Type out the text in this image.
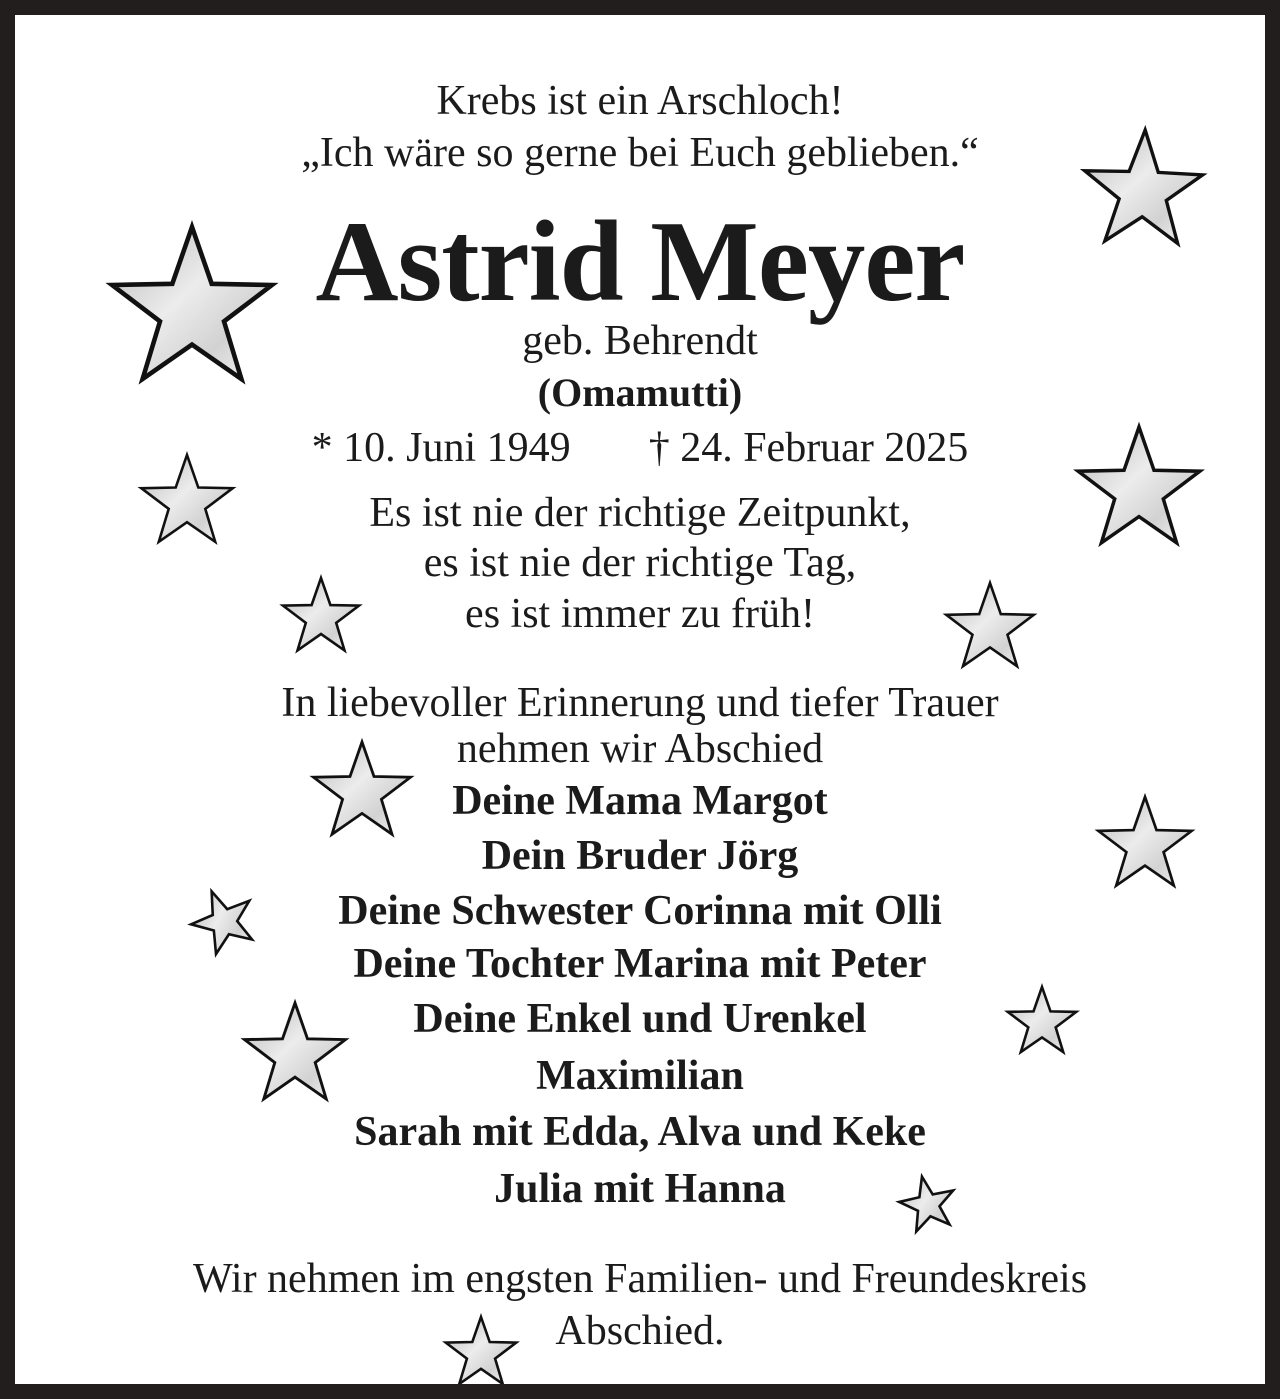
Krebs ist ein Arschloch!
„Ich wäre so gerne bei Euch geblieben.“
Astrid Meyer
geb. Behrendt
(Omamutti)
* 10. Juni 1949 † 24. Februar 2025
Es ist nie der richtige Zeitpunkt,
es ist nie der richtige Tag,
es ist immer zu früh!
In liebevoller Erinnerung und tiefer Trauer
nehmen wir Abschied
Deine Mama Margot
Dein Bruder Jörg
Deine Schwester Corinna mit Olli
Deine Tochter Marina mit Peter
Deine Enkel und Urenkel
Maximilian
Sarah mit Edda, Alva und Keke
Julia mit Hanna
Wir nehmen im engsten Familien- und Freundeskreis
Abschied.
